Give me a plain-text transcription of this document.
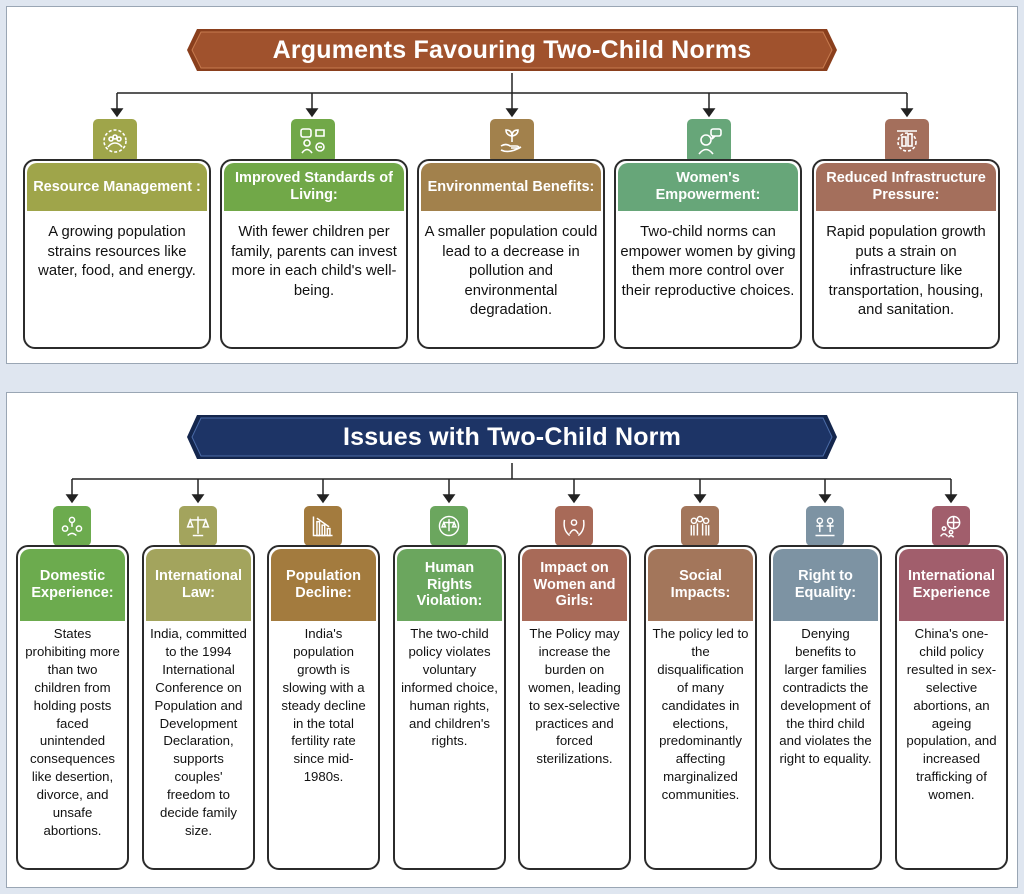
Arguments Favouring Two-Child Norms
Resource Management :
A growing population strains resources like water, food, and energy.
Improved Standards of Living:
With fewer children per family, parents can invest more in each child's well-being.
Environmental Benefits:
A smaller population could lead to a decrease in pollution and environmental degradation.
Women's Empowerment:
Two-child norms can empower women by giving them more control over their reproductive choices.
Reduced Infrastructure Pressure:
Rapid population growth puts a strain on infrastructure like transportation, housing, and sanitation.
Issues with Two-Child Norm
Domestic Experience:
States prohibiting more than two children from holding posts faced unintended consequences like desertion, divorce, and unsafe abortions.
International Law:
India, committed to the 1994 International Conference on Population and Development Declaration, supports couples' freedom to decide family size.
Population Decline:
India's population growth is slowing with a steady decline in the total fertility rate since mid-1980s.
Human Rights Violation:
The two-child policy violates voluntary informed choice, human rights, and children's rights.
Impact on Women and Girls:
The Policy may increase the burden on women, leading to sex-selective practices and forced sterilizations.
Social Impacts:
The policy led to the disqualification of many candidates in elections, predominantly affecting marginalized communities.
Right to Equality:
Denying benefits to larger families contradicts the development of the third child and violates the right to equality.
International Experience
China's one-child policy resulted in sex-selective abortions, an ageing population, and increased trafficking of women.
